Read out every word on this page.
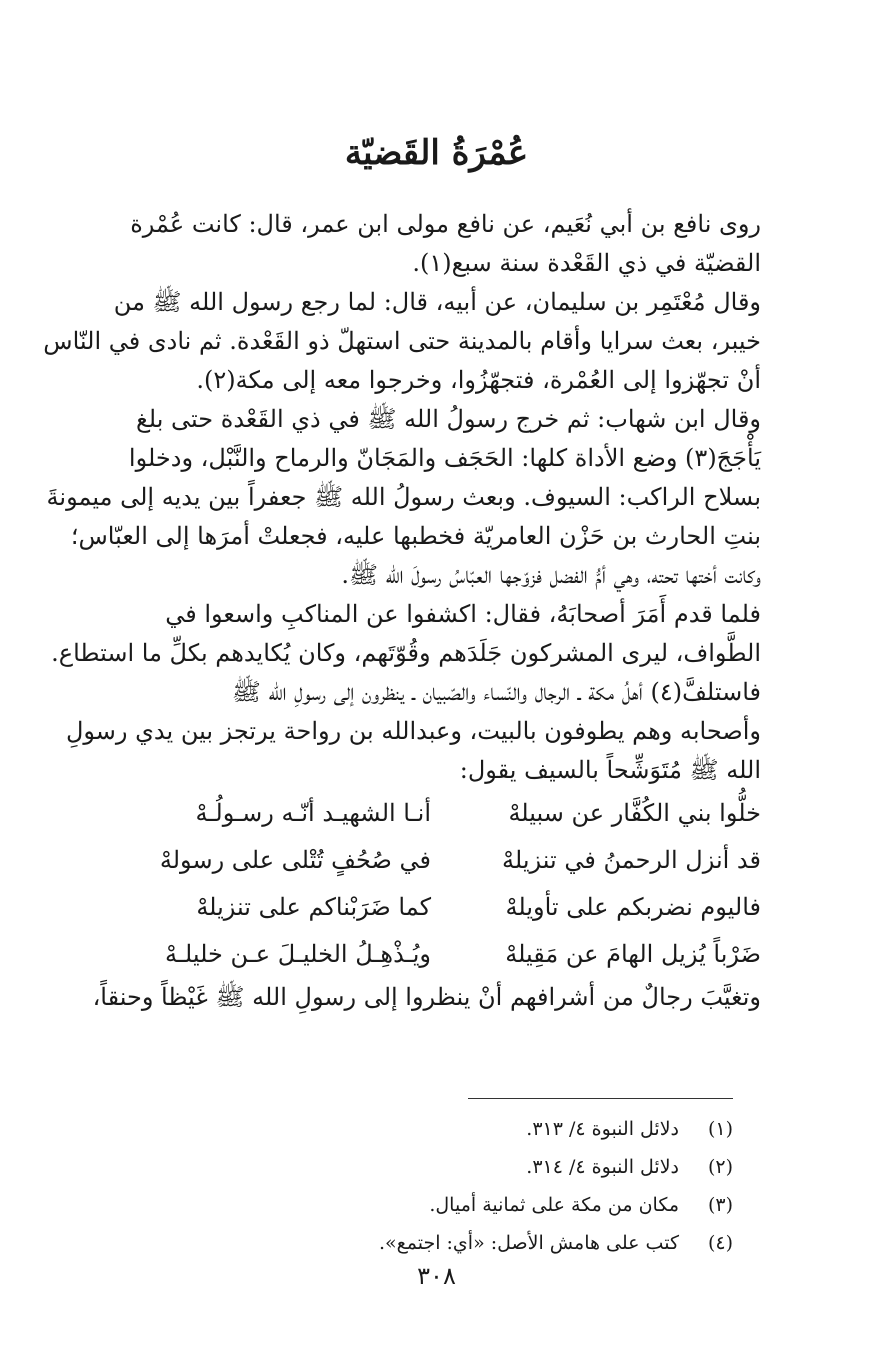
عُمْرَةُ القَضيّة

روى نافع بن أبي نُعَيم، عن نافع مولى ابن عمر، قال: كانت عُمْرة
القضيّة في ذي القَعْدة سنة سبع(١).

وقال مُعْتَمِر بن سليمان، عن أبيه، قال: لما رجع رسول الله ﷺ من
خيبر، بعث سرايا وأقام بالمدينة حتى استهلّ ذو القَعْدة. ثم نادى في النّاس
أنْ تجهّزوا إلى العُمْرة، فتجهّزُوا، وخرجوا معه إلى مكة(٢).

وقال ابن شهاب: ثم خرج رسولُ الله ﷺ في ذي القَعْدة حتى بلغ
يَأْجَجَ(٣) وضع الأداة كلها: الحَجَف والمَجَانّ والرماح والنَّبْل، ودخلوا
بسلاح الراكب: السيوف. وبعث رسولُ الله ﷺ جعفراً بين يديه إلى ميمونةَ
بنتِ الحارث بن حَزْن العامريّة فخطبها عليه، فجعلتْ أمرَها إلى العبّاس؛
وكانت أختها تحته، وهي أمُّ الفضل فزوّجها العبّاسُ رسولَ الله ﷺ.

فلما قدم أَمَرَ أصحابَهُ، فقال: اكشفوا عن المناكبِ واسعوا في
الطَّواف، ليرى المشركون جَلَدَهم وقُوّتَهم، وكان يُكايدهم بكلِّ ما استطاع.
فاستلفَّ(٤) أهلُ مكة ـ الرجال والنّساء والصّبيان ـ ينظرون إلى رسولِ الله ﷺ
وأصحابه وهم يطوفون بالبيت، وعبدالله بن رواحة يرتجز بين يدي رسولِ
الله ﷺ مُتَوَشِّحاً بالسيف يقول:

خلُّوا بني الكُفَّار عن سبيلهْ
أنـا الشهيـد أنّـه رسـولُـهْ
قد أنزل الرحمنُ في تنزيلهْ
في صُحُفٍ تُتْلى على رسولهْ
فاليوم نضربكم على تأويلهْ
كما ضَرَبْناكم على تنزيلهْ
ضَرْباً يُزيل الهامَ عن مَقِيلهْ
ويُـذْهِـلُ الخليـلَ عـن خليلـهْ

وتغيَّبَ رجالٌ من أشرافهم أنْ ينظروا إلى رسولِ الله ﷺ غَيْظاً وحنقاً،

(١)
دلائل النبوة ٤/ ٣١٣.
(٢)
دلائل النبوة ٤/ ٣١٤.
(٣)
مكان من مكة على ثمانية أميال.
(٤)
كتب على هامش الأصل: «أي: اجتمع».
٣٠٨
